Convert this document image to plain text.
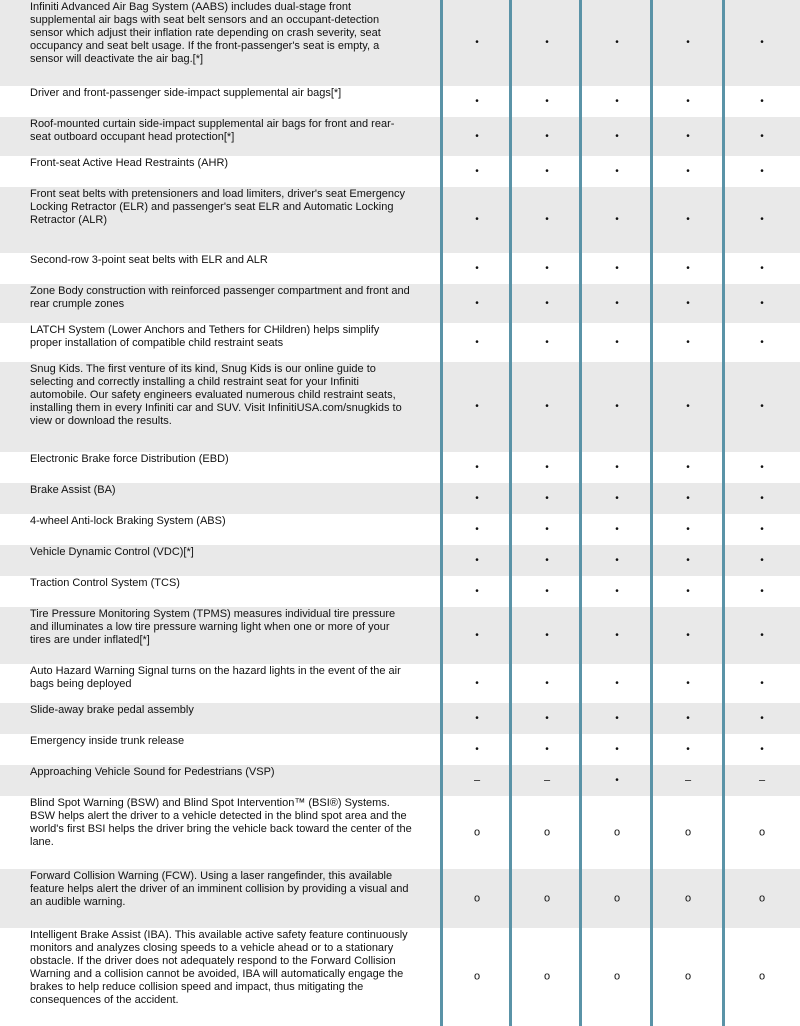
Infiniti Advanced Air Bag System (AABS) includes dual-stage front supplemental air bags with seat belt sensors and an occupant-detection sensor which adjust their inflation rate depending on crash severity, seat occupancy and seat belt usage. If the front-passenger's seat is empty, a sensor will deactivate the air bag.[*]
•	•	•	•	•
Driver and front-passenger side-impact supplemental air bags[*]
•	•	•	•	•
Roof-mounted curtain side-impact supplemental air bags for front and rear-seat outboard occupant head protection[*]	•	•	•	•	•
Front-seat Active Head Restraints (AHR)
•	•	•	•	•
Front seat belts with pretensioners and load limiters, driver's seat Emergency Locking Retractor (ELR) and passenger's seat ELR and Automatic Locking Retractor (ALR)	•	•	•	•	•
Second-row 3-point seat belts with ELR and ALR
•	•	•	•	•
Zone Body construction with reinforced passenger compartment and front and rear crumple zones	•	•	•	•	•
LATCH System (Lower Anchors and Tethers for CHildren) helps simplify proper installation of compatible child restraint seats	•	•	•	•	•
Snug Kids. The first venture of its kind, Snug Kids is our online guide to selecting and correctly installing a child restraint seat for your Infiniti automobile. Our safety engineers evaluated numerous child restraint seats, installing them in every Infiniti car and SUV. Visit InfinitiUSA.com/snugkids to view or download the results.
•	•	•	•	•
Electronic Brake force Distribution (EBD)
•	•	•	•	•
Brake Assist (BA)
•	•	•	•	•
4-wheel Anti-lock Braking System (ABS)
•	•	•	•	•
Vehicle Dynamic Control (VDC)[*]
•	•	•	•	•
Traction Control System (TCS)
•	•	•	•	•
Tire Pressure Monitoring System (TPMS) measures individual tire pressure and illuminates a low tire pressure warning light when one or more of your tires are under inflated[*]	•	•	•	•	•
Auto Hazard Warning Signal turns on the hazard lights in the event of the air bags being deployed	•	•	•	•	•
Slide-away brake pedal assembly
•	•	•	•	•
Emergency inside trunk release
•	•	•	•	•
Approaching Vehicle Sound for Pedestrians (VSP)
–	–	•	–	–
Blind Spot Warning (BSW) and Blind Spot Intervention™ (BSI®) Systems. BSW helps alert the driver to a vehicle detected in the blind spot area and the world's first BSI helps the driver bring the vehicle back toward the center of the lane.
o	o	o	o	o
Forward Collision Warning (FCW). Using a laser rangefinder, this available feature helps alert the driver of an imminent collision by providing a visual and an audible warning.	o	o	o	o	o
Intelligent Brake Assist (IBA). This available active safety feature continuously monitors and analyzes closing speeds to a vehicle ahead or to a stationary obstacle. If the driver does not adequately respond to the Forward Collision Warning and a collision cannot be avoided, IBA will automatically engage the brakes to help reduce collision speed and impact, thus mitigating the consequences of the accident.
o	o	o	o	o
